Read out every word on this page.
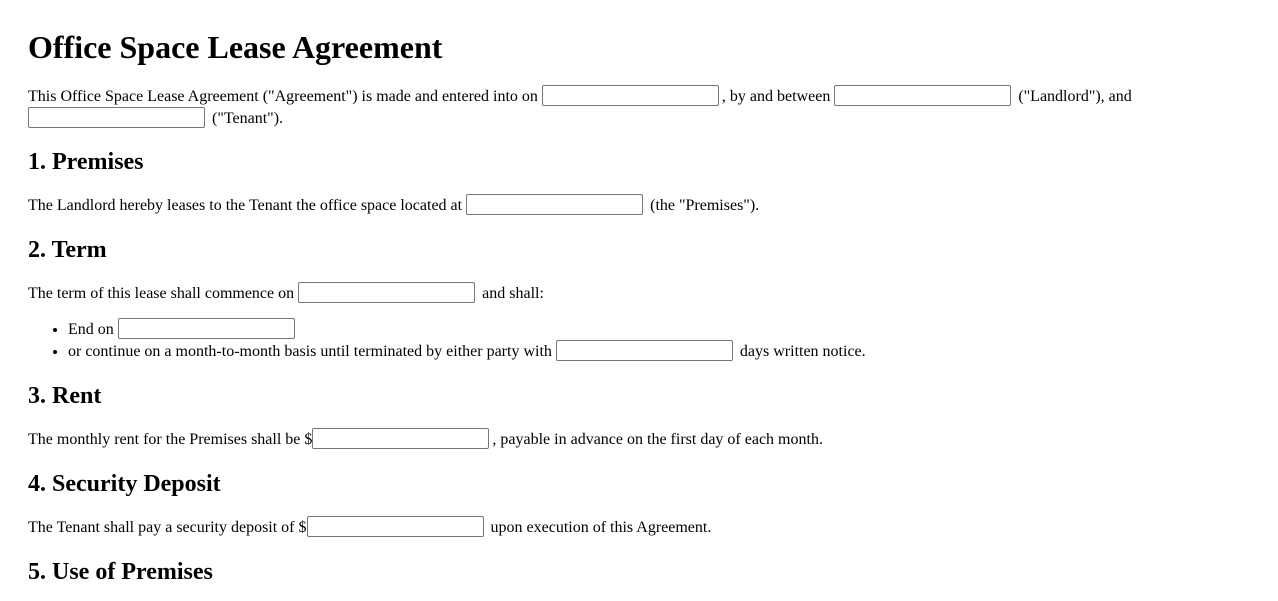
Office Space Lease Agreement
This Office Space Lease Agreement ("Agreement") is made and entered into on	, by and between	("Landlord"), and
("Tenant").
1. Premises
The Landlord hereby leases to the Tenant the office space located at	(the "Premises").
2. Term
The term of this lease shall commence on	and shall:
• End on
• or continue on a month-to-month basis until terminated by either party with	days written notice.
3. Rent
The monthly rent for the Premises shall be $	, payable in advance on the first day of each month.
4. Security Deposit
The Tenant shall pay a security deposit of $	upon execution of this Agreement.
5. Use of Premises
